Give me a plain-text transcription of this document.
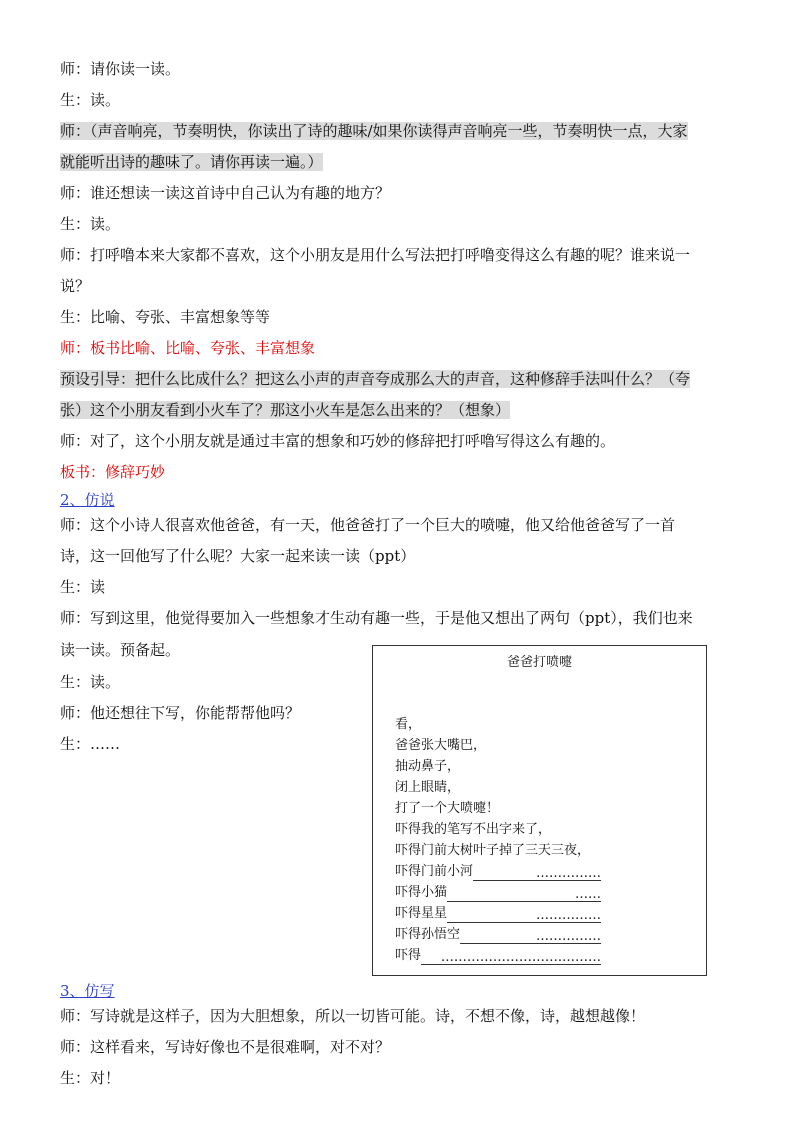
师：请你读一读。
生：读。
师：（声音响亮，节奏明快，你读出了诗的趣味/如果你读得声音响亮一些，节奏明快一点，大家
就能听出诗的趣味了。请你再读一遍。）
师：谁还想读一读这首诗中自己认为有趣的地方？
生：读。
师：打呼噜本来大家都不喜欢，这个小朋友是用什么写法把打呼噜变得这么有趣的呢？谁来说一
说？
生：比喻、夸张、丰富想象等等
师：板书比喻、比喻、夸张、丰富想象
预设引导：把什么比成什么？把这么小声的声音夸成那么大的声音，这种修辞手法叫什么？（夸
张）这个小朋友看到小火车了？那这小火车是怎么出来的？（想象）
师：对了，这个小朋友就是通过丰富的想象和巧妙的修辞把打呼噜写得这么有趣的。
板书：修辞巧妙
2、仿说
师：这个小诗人很喜欢他爸爸，有一天，他爸爸打了一个巨大的喷嚏，他又给他爸爸写了一首
诗，这一回他写了什么呢？大家一起来读一读（ppt）
生：读
师：写到这里，他觉得要加入一些想象才生动有趣一些，于是他又想出了两句（ppt），我们也来
读一读。预备起。
生：读。
师：他还想往下写，你能帮帮他吗？
生：……
爸爸打喷嚏
看，
爸爸张大嘴巴，
抽动鼻子，
闭上眼睛，
打了一个大喷嚏！
吓得我的笔写不出字来了，
吓得门前大树叶子掉了三天三夜，
吓得门前小河	……………
吓得小猫	……
吓得星星	……………
吓得孙悟空	……………
吓得 ……………………….………
3、仿写
师：写诗就是这样子，因为大胆想象，所以一切皆可能。诗，不想不像，诗，越想越像！
师：这样看来，写诗好像也不是很难啊，对不对？
生：对！
